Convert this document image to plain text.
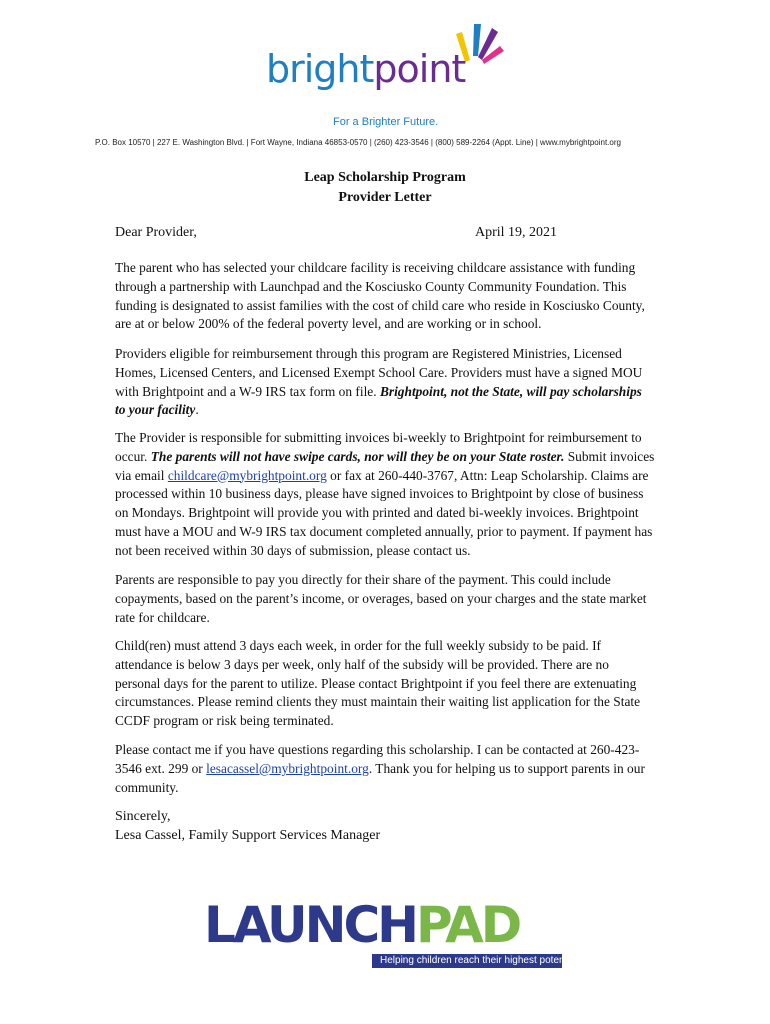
brightpoint
For a Brighter Future.
P.O. Box 10570 | 227 E. Washington Blvd. | Fort Wayne, Indiana 46853-0570 | (260) 423-3546 | (800) 589-2264 (Appt. Line) | www.mybrightpoint.org
Leap Scholarship Program
Provider Letter
Dear Provider,	April 19, 2021

The parent who has selected your childcare facility is receiving childcare assistance with funding through a partnership with Launchpad and the Kosciusko County Community Foundation. This funding is designated to assist families with the cost of child care who reside in Kosciusko County, are at or below 200% of the federal poverty level, and are working or in school.

Providers eligible for reimbursement through this program are Registered Ministries, Licensed Homes, Licensed Centers, and Licensed Exempt School Care. Providers must have a signed MOU with Brightpoint and a W-9 IRS tax form on file. Brightpoint, not the State, will pay scholarships to your facility.

The Provider is responsible for submitting invoices bi-weekly to Brightpoint for reimbursement to occur. The parents will not have swipe cards, nor will they be on your State roster. Submit invoices via email childcare@mybrightpoint.org or fax at 260-440-3767, Attn: Leap Scholarship. Claims are processed within 10 business days, please have signed invoices to Brightpoint by close of business on Mondays. Brightpoint will provide you with printed and dated bi-weekly invoices. Brightpoint must have a MOU and W-9 IRS tax document completed annually, prior to payment. If payment has not been received within 30 days of submission, please contact us.

Parents are responsible to pay you directly for their share of the payment. This could include copayments, based on the parent’s income, or overages, based on your charges and the state market rate for childcare.

Child(ren) must attend 3 days each week, in order for the full weekly subsidy to be paid. If attendance is below 3 days per week, only half of the subsidy will be provided. There are no personal days for the parent to utilize. Please contact Brightpoint if you feel there are extenuating circumstances. Please remind clients they must maintain their waiting list application for the State CCDF program or risk being terminated.

Please contact me if you have questions regarding this scholarship. I can be contacted at 260-423-3546 ext. 299 or lesacassel@mybrightpoint.org. Thank you for helping us to support parents in our community.

Sincerely,
Lesa Cassel, Family Support Services Manager
LAUNCHPAD
Helping children reach their highest potential
